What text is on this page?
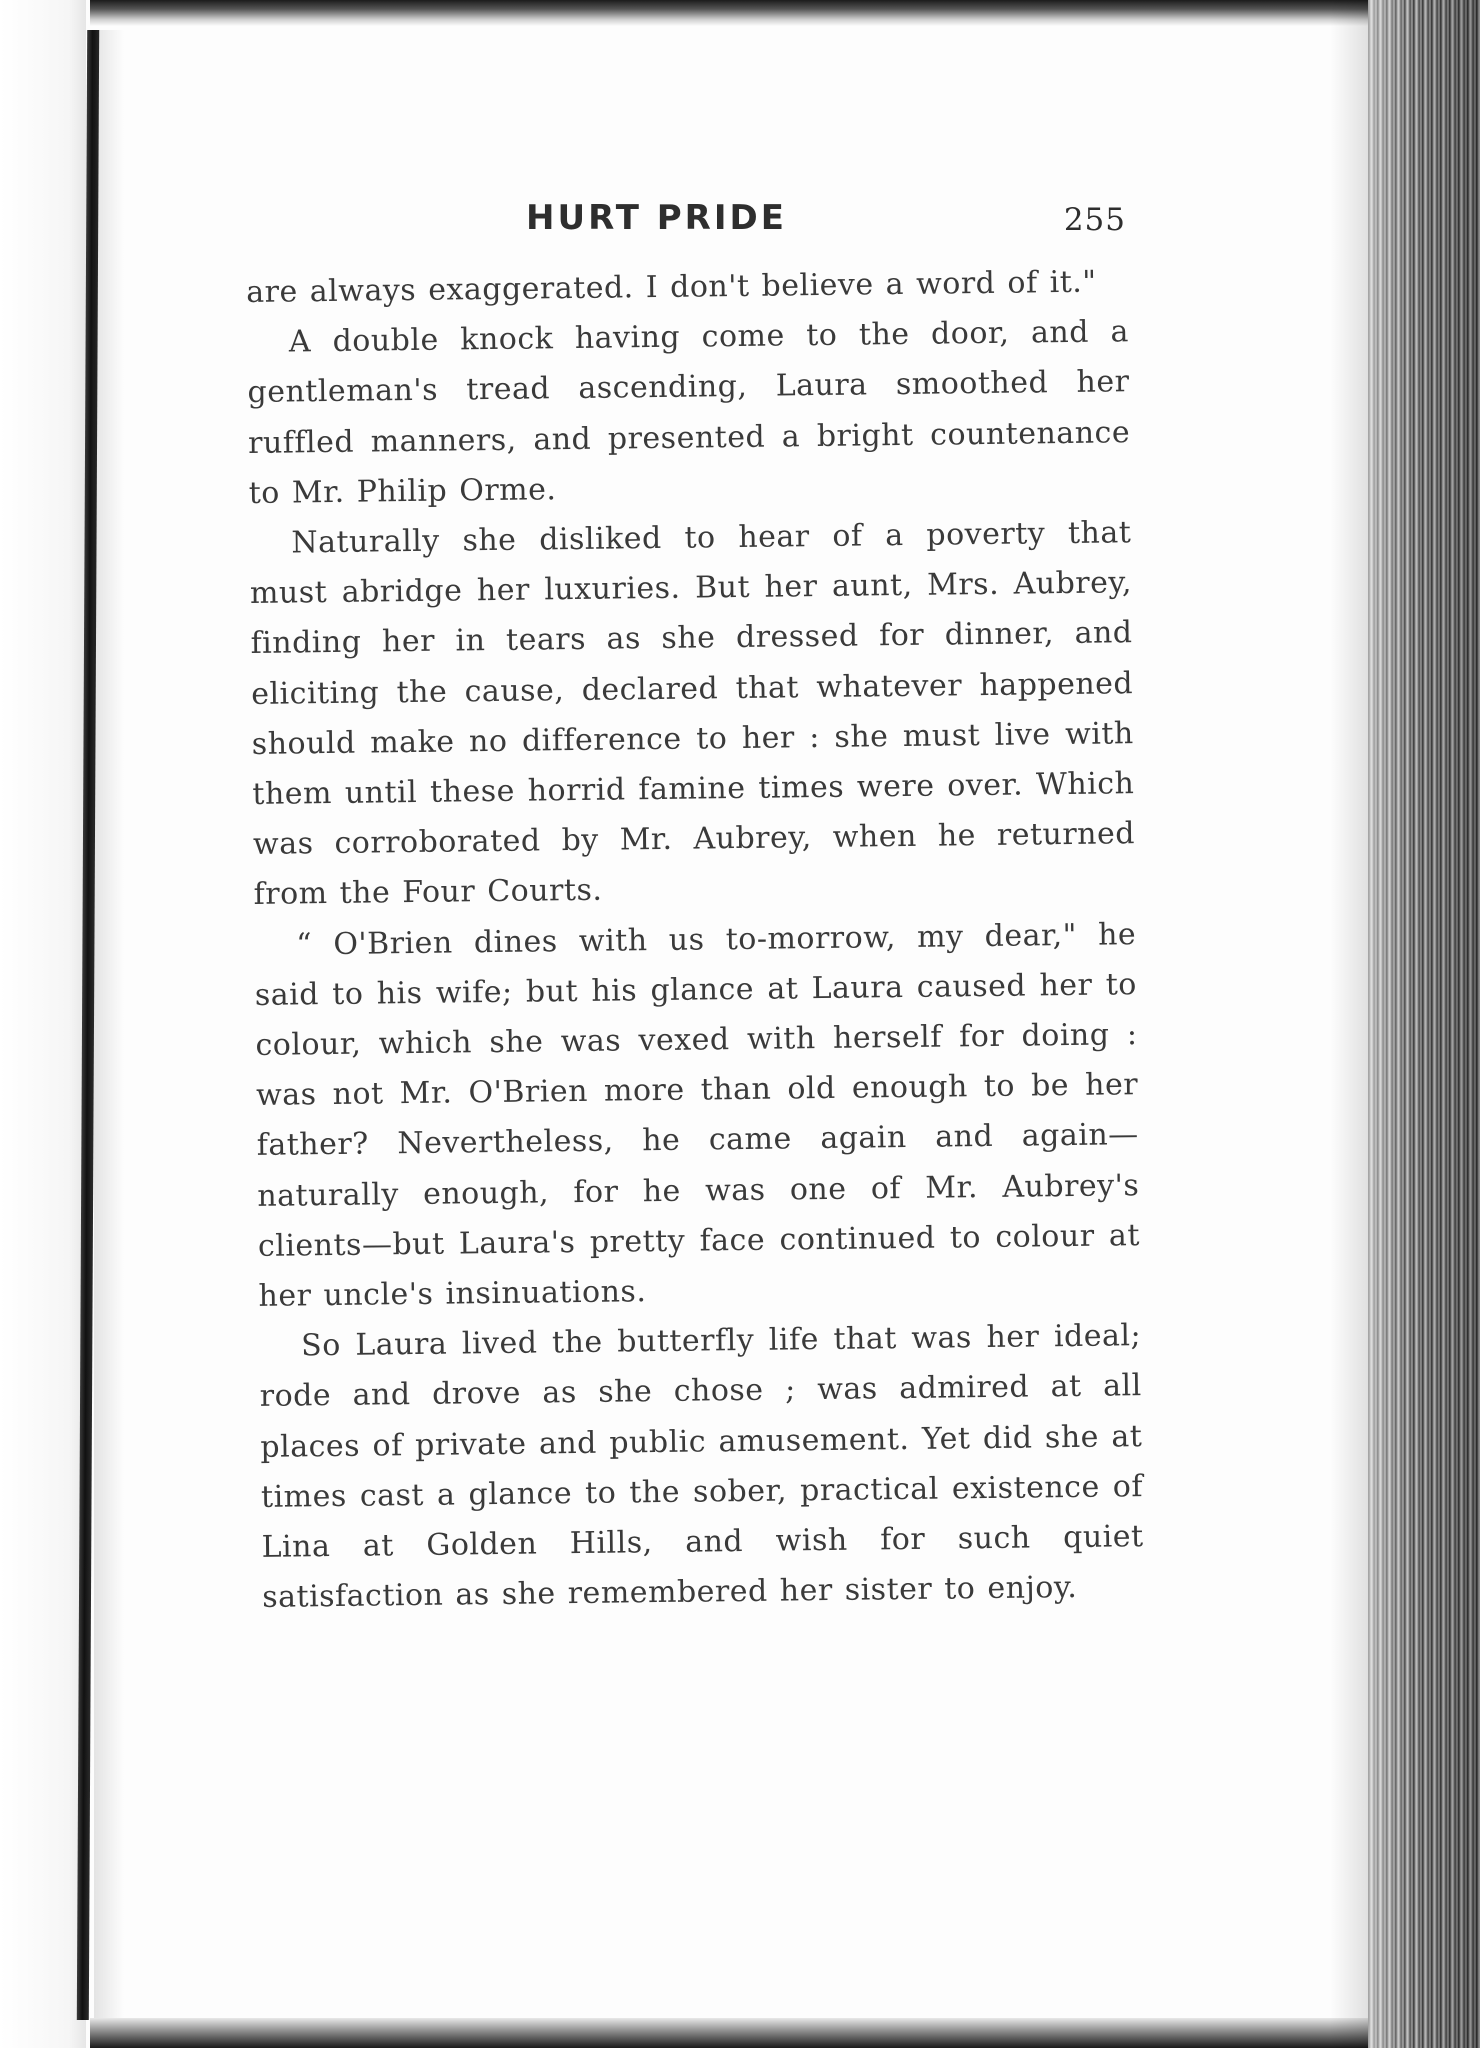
HURT PRIDE	255

are always exaggerated. I don't believe a word of it."

A double knock having come to the door, and a gentleman's tread ascending, Laura smoothed her ruffled manners, and presented a bright countenance to Mr. Philip Orme.

Naturally she disliked to hear of a poverty that must abridge her luxuries. But her aunt, Mrs. Aubrey, finding her in tears as she dressed for dinner, and eliciting the cause, declared that whatever happened should make no difference to her : she must live with them until these horrid famine times were over. Which was corroborated by Mr. Aubrey, when he returned from the Four Courts.

“ O'Brien dines with us to-morrow, my dear," he said to his wife; but his glance at Laura caused her to colour, which she was vexed with herself for doing : was not Mr. O'Brien more than old enough to be her father? Nevertheless, he came again and again—naturally enough, for he was one of Mr. Aubrey's clients—but Laura's pretty face continued to colour at her uncle's insinuations.

So Laura lived the butterfly life that was her ideal; rode and drove as she chose ; was admired at all places of private and public amusement. Yet did she at times cast a glance to the sober, practical existence of Lina at Golden Hills, and wish for such quiet satisfaction as she remembered her sister to enjoy.
